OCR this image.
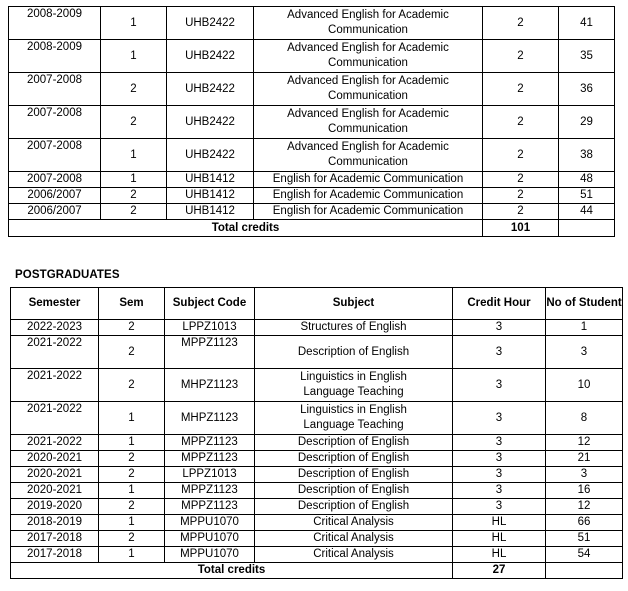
2008-2009	1	UHB2422	Advanced English for Academic Communication	2	41
2008-2009	1	UHB2422	Advanced English for Academic Communication	2	35
2007-2008	2	UHB2422	Advanced English for Academic Communication	2	36
2007-2008	2	UHB2422	Advanced English for Academic Communication	2	29
2007-2008	1	UHB2422	Advanced English for Academic Communication	2	38
2007-2008	1	UHB1412	English for Academic Communication	2	48
2006/2007	2	UHB1412	English for Academic Communication	2	51
2006/2007	2	UHB1412	English for Academic Communication	2	44
Total credits				101	
POSTGRADUATES
Semester	Sem	Subject Code	Subject	Credit Hour	No of Student
2022-2023	2	LPPZ1013	Structures of English	3	1
2021-2022	2	MPPZ1123	Description of English	3	3
2021-2022	2	MHPZ1123	Linguistics in English Language Teaching	3	10
2021-2022	1	MHPZ1123	Linguistics in English Language Teaching	3	8
2021-2022	1	MPPZ1123	Description of English	3	12
2020-2021	2	MPPZ1123	Description of English	3	21
2020-2021	2	LPPZ1013	Description of English	3	3
2020-2021	1	MPPZ1123	Description of English	3	16
2019-2020	2	MPPZ1123	Description of English	3	12
2018-2019	1	MPPU1070	Critical Analysis	HL	66
2017-2018	2	MPPU1070	Critical Analysis	HL	51
2017-2018	1	MPPU1070	Critical Analysis	HL	54
Total credits				27	
